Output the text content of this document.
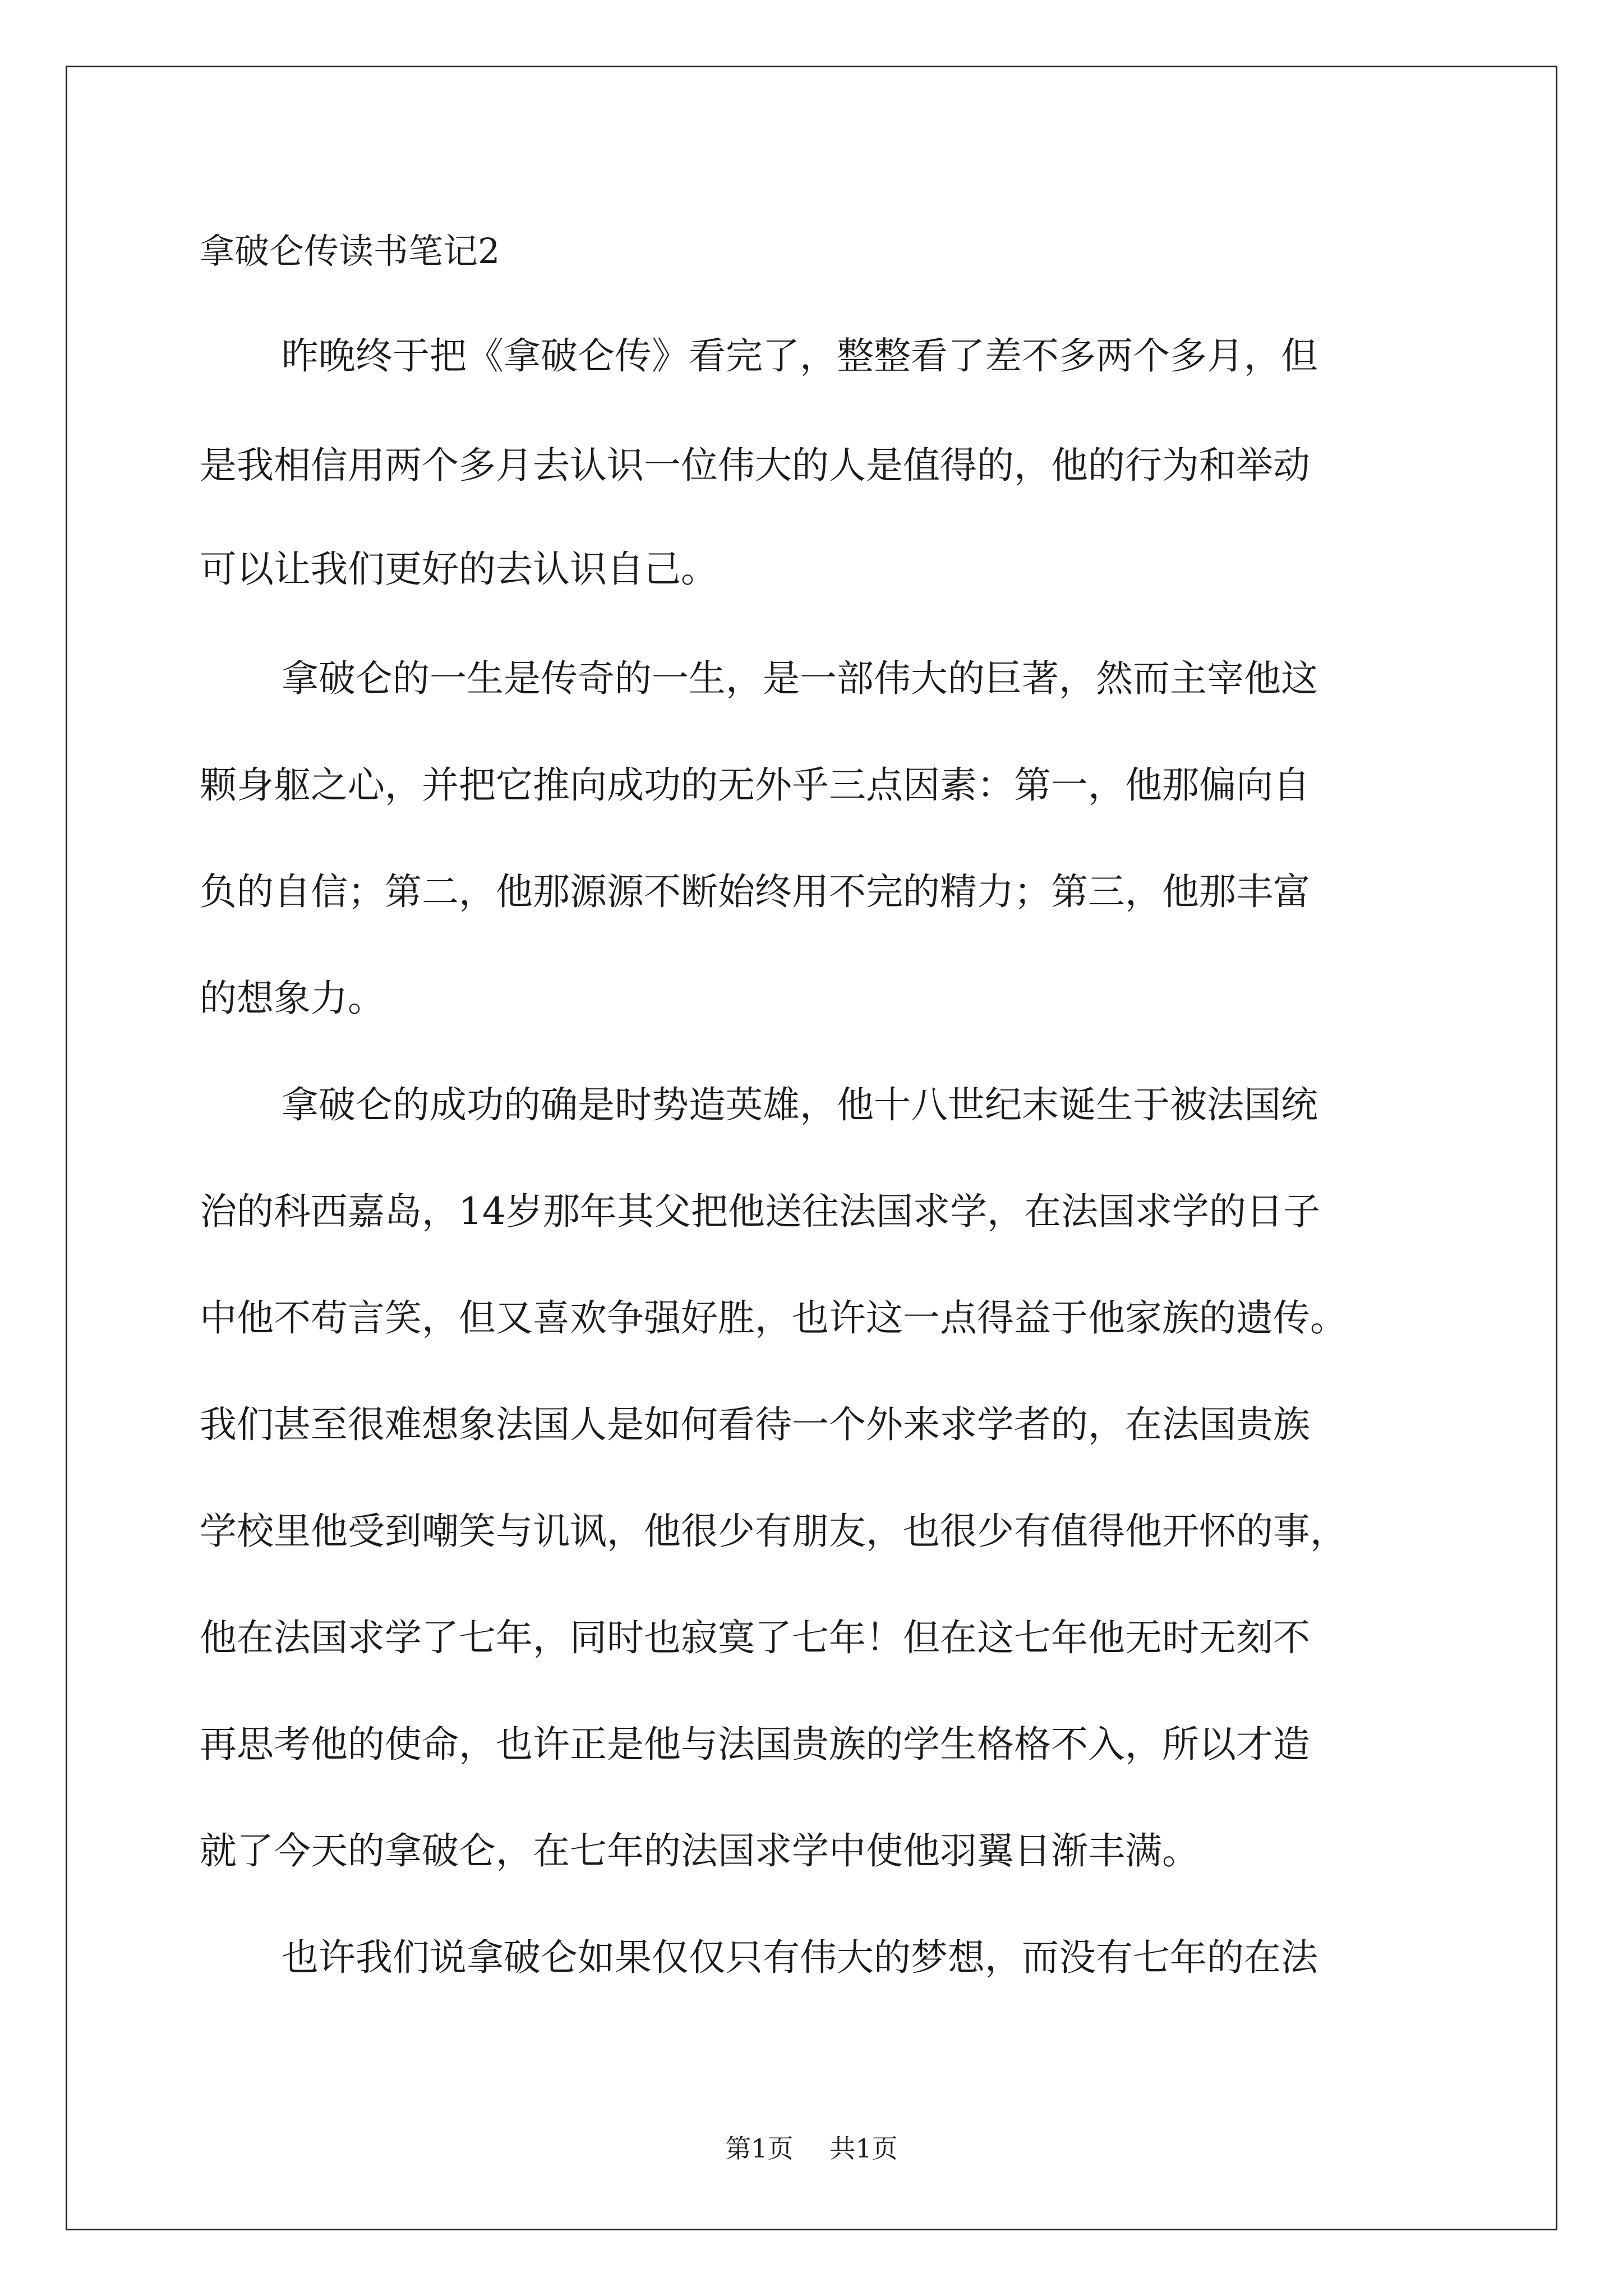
拿破仑传读书笔记2

昨晚终于把《拿破仑传》看完了，整整看了差不多两个多月，但

是我相信用两个多月去认识一位伟大的人是值得的，他的行为和举动

可以让我们更好的去认识自己。

拿破仑的一生是传奇的一生，是一部伟大的巨著，然而主宰他这

颗身躯之心，并把它推向成功的无外乎三点因素：第一，他那偏向自

负的自信；第二，他那源源不断始终用不完的精力；第三，他那丰富

的想象力。

拿破仑的成功的确是时势造英雄，他十八世纪末诞生于被法国统

治的科西嘉岛，14岁那年其父把他送往法国求学，在法国求学的日子

中他不苟言笑，但又喜欢争强好胜，也许这一点得益于他家族的遗传。

我们甚至很难想象法国人是如何看待一个外来求学者的，在法国贵族

学校里他受到嘲笑与讥讽，他很少有朋友，也很少有值得他开怀的事，

他在法国求学了七年，同时也寂寞了七年！但在这七年他无时无刻不

再思考他的使命，也许正是他与法国贵族的学生格格不入，所以才造

就了今天的拿破仑，在七年的法国求学中使他羽翼日渐丰满。

也许我们说拿破仑如果仅仅只有伟大的梦想，而没有七年的在法

第1页 共1页
